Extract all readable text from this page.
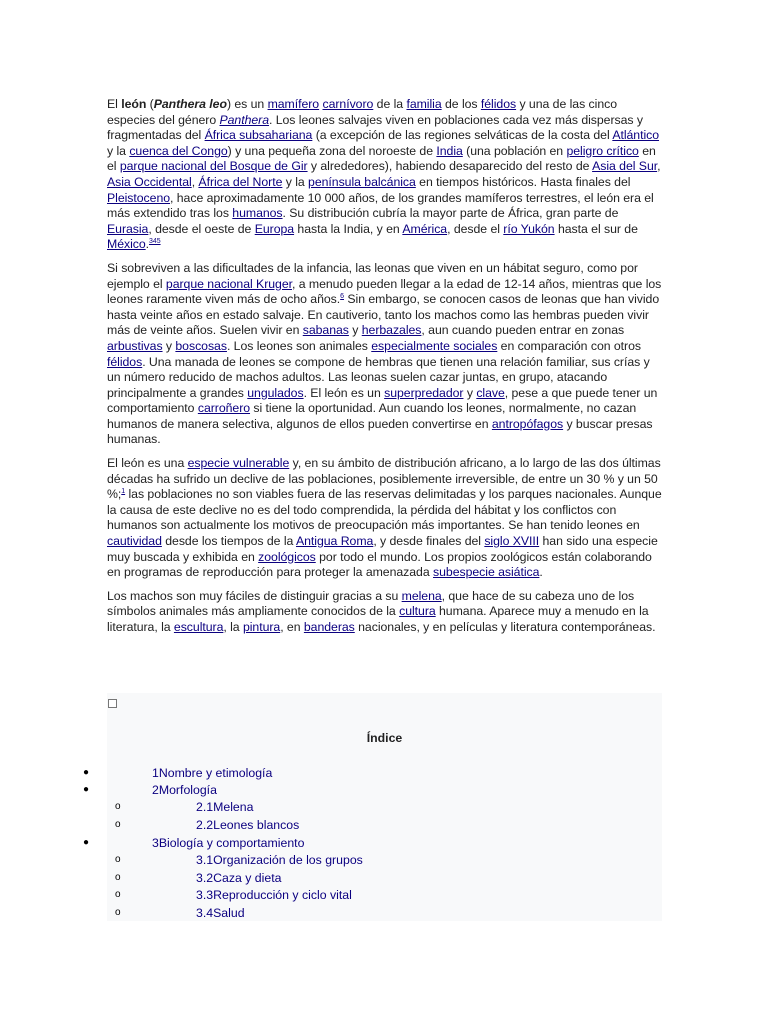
El león (Panthera leo) es un mamífero carnívoro de la familia de los félidos y una de las cinco especies del género Panthera. Los leones salvajes viven en poblaciones cada vez más dispersas y fragmentadas del África subsahariana (a excepción de las regiones selváticas de la costa del Atlántico y la cuenca del Congo) y una pequeña zona del noroeste de India (una población en peligro crítico en el parque nacional del Bosque de Gir y alrededores), habiendo desaparecido del resto de Asia del Sur, Asia Occidental, África del Norte y la península balcánica en tiempos históricos. Hasta finales del Pleistoceno, hace aproximadamente 10 000 años, de los grandes mamíferos terrestres, el león era el más extendido tras los humanos. Su distribución cubría la mayor parte de África, gran parte de Eurasia, desde el oeste de Europa hasta la India, y en América, desde el río Yukón hasta el sur de México.$^{345}$

Si sobreviven a las dificultades de la infancia, las leonas que viven en un hábitat seguro, como por ejemplo el parque nacional Kruger, a menudo pueden llegar a la edad de 12-14 años, mientras que los leones raramente viven más de ocho años.$^6$ Sin embargo, se conocen casos de leonas que han vivido hasta veinte años en estado salvaje. En cautiverio, tanto los machos como las hembras pueden vivir más de veinte años. Suelen vivir en sabanas y herbazales, aun cuando pueden entrar en zonas arbustivas y boscosas. Los leones son animales especialmente sociales en comparación con otros félidos. Una manada de leones se compone de hembras que tienen una relación familiar, sus crías y un número reducido de machos adultos. Las leonas suelen cazar juntas, en grupo, atacando principalmente a grandes ungulados. El león es un superpredador y clave, pese a que puede tener un comportamiento carroñero si tiene la oportunidad. Aun cuando los leones, normalmente, no cazan humanos de manera selectiva, algunos de ellos pueden convertirse en antropófagos y buscar presas humanas.

El león es una especie vulnerable y, en su ámbito de distribución africano, a lo largo de las dos últimas décadas ha sufrido un declive de las poblaciones, posiblemente irreversible, de entre un 30 % y un 50 %;$^1$ las poblaciones no son viables fuera de las reservas delimitadas y los parques nacionales. Aunque la causa de este declive no es del todo comprendida, la pérdida del hábitat y los conflictos con humanos son actualmente los motivos de preocupación más importantes. Se han tenido leones en cautividad desde los tiempos de la Antigua Roma, y desde finales del siglo XVIII han sido una especie muy buscada y exhibida en zoológicos por todo el mundo. Los propios zoológicos están colaborando en programas de reproducción para proteger la amenazada subespecie asiática.

Los machos son muy fáciles de distinguir gracias a su melena, que hace de su cabeza uno de los símbolos animales más ampliamente conocidos de la cultura humana. Aparece muy a menudo en la literatura, la escultura, la pintura, en banderas nacionales, y en películas y literatura contemporáneas.

Índice
●	1Nombre y etimología
●	2Morfología
o	2.1Melena
o	2.2Leones blancos
●	3Biología y comportamiento
o	3.1Organización de los grupos
o	3.2Caza y dieta
o	3.3Reproducción y ciclo vital
o	3.4Salud
